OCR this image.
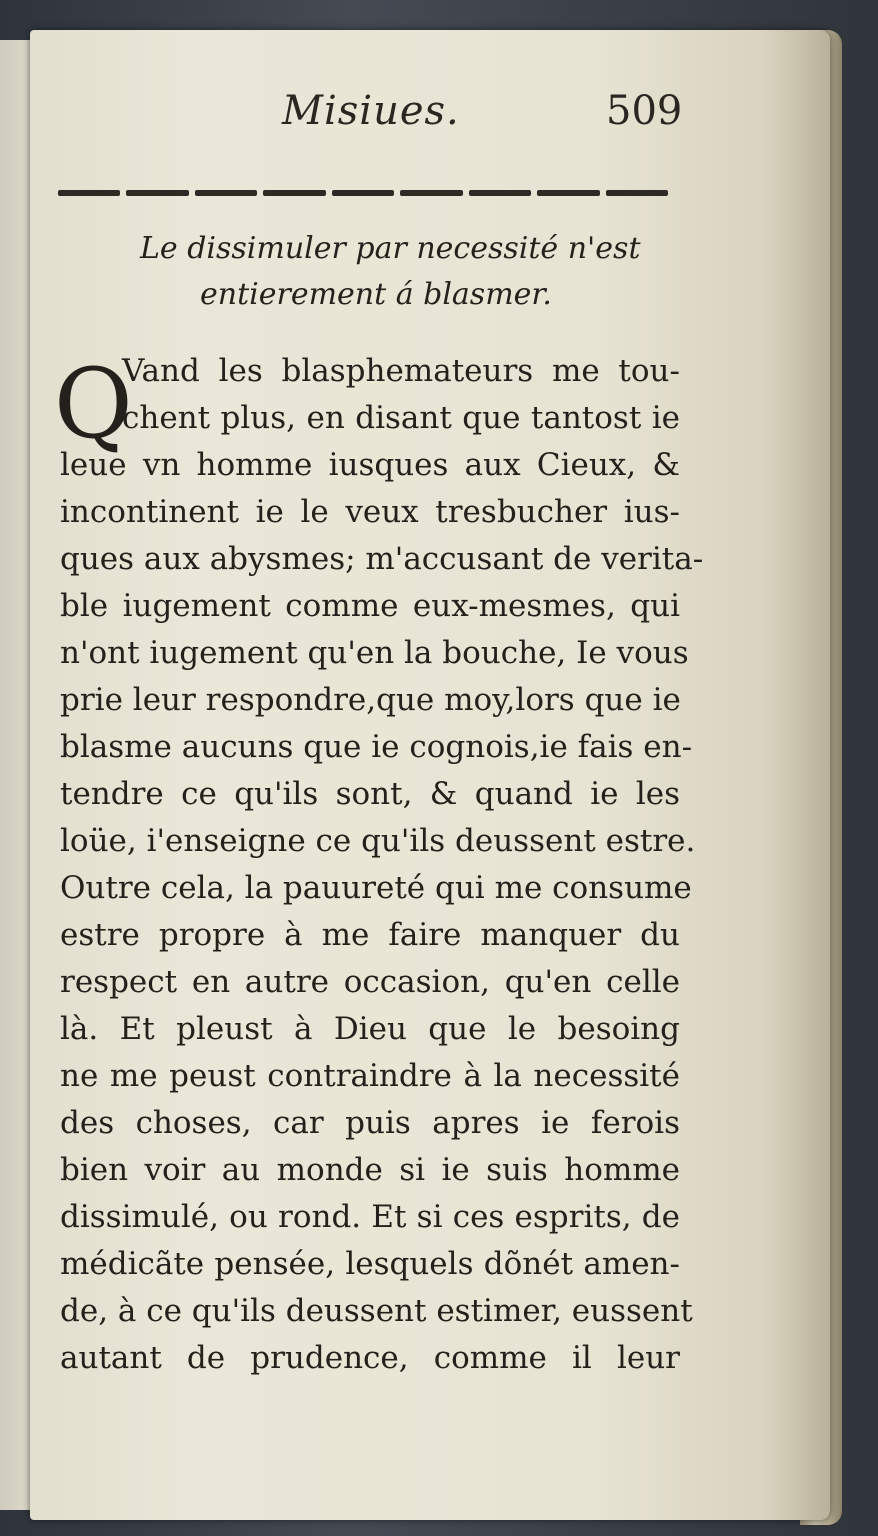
Misiues.	509
Le dissimuler par necessité n'est
entierement á blasmer.
Q
Vand les blasphemateurs me tou-
chent plus, en disant que tantost ie
leue vn homme iusques aux Cieux, &
incontinent ie le veux tresbucher ius-
ques aux abysmes; m'accusant de verita-
ble iugement comme eux-mesmes, qui
n'ont iugement qu'en la bouche, Ie vous
prie leur respondre,que moy,lors que ie
blasme aucuns que ie cognois,ie fais en-
tendre ce qu'ils sont, & quand ie les
loüe, i'enseigne ce qu'ils deussent estre.
Outre cela, la pauureté qui me consume
estre propre à me faire manquer du
respect en autre occasion, qu'en celle
là. Et pleust à Dieu que le besoing
ne me peust contraindre à la necessité
des choses, car puis apres ie ferois
bien voir au monde si ie suis homme
dissimulé, ou rond. Et si ces esprits, de
médicãte pensée, lesquels dõnét amen-
de, à ce qu'ils deussent estimer, eussent
autant de prudence, comme il leur
